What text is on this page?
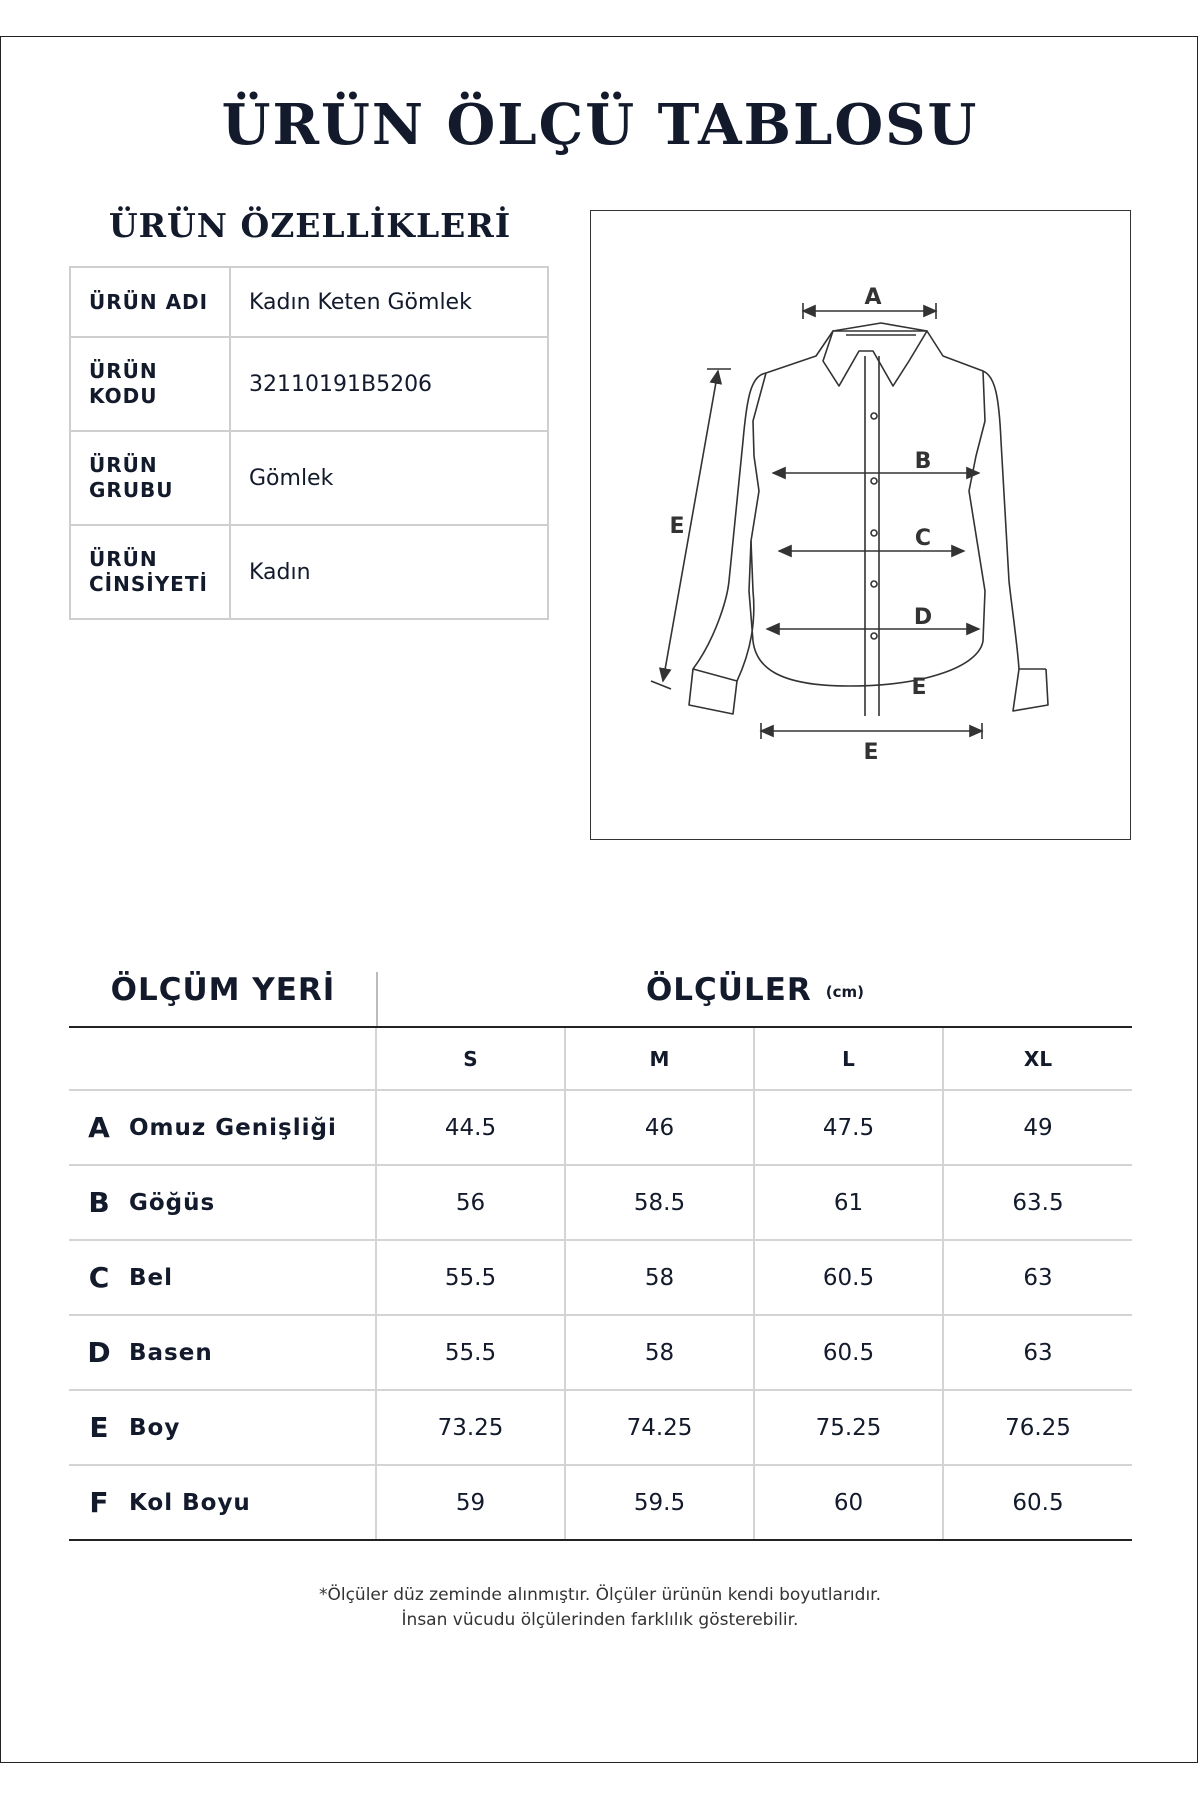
ÜRÜN ÖLÇÜ TABLOSU
ÜRÜN ÖZELLİKLERİ
ÜRÜN ADI	Kadın Keten Gömlek
ÜRÜN
KODU	32110191B5206
ÜRÜN
GRUBU	Gömlek
ÜRÜN
CİNSİYETİ	Kadın
A
B
C
D
E
E
E
ÖLÇÜM YERİ	ÖLÇÜLER (cm)
		S	M	L	XL
A	Omuz Genişliği	44.5	46	47.5	49
B	Göğüs	56	58.5	61	63.5
C	Bel	55.5	58	60.5	63
D	Basen	55.5	58	60.5	63
E	Boy	73.25	74.25	75.25	76.25
F	Kol Boyu	59	59.5	60	60.5
*Ölçüler düz zeminde alınmıştır. Ölçüler ürünün kendi boyutlarıdır.
İnsan vücudu ölçülerinden farklılık gösterebilir.
